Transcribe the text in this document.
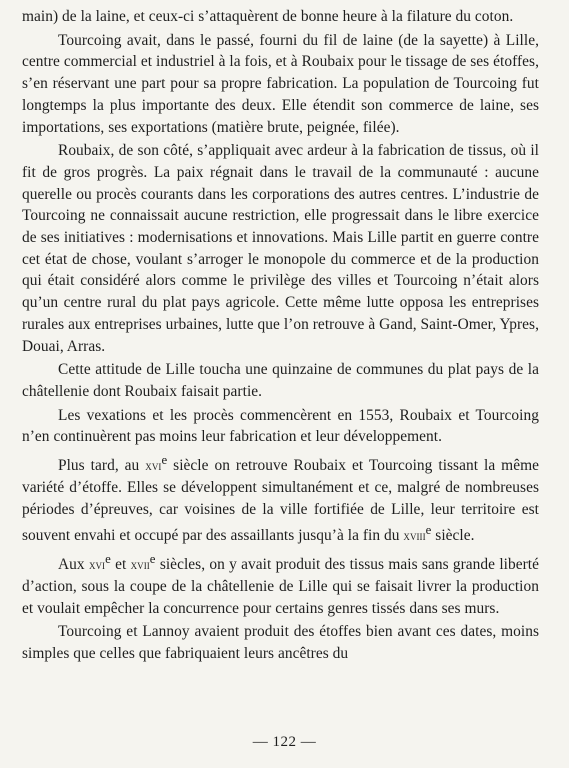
main) de la laine, et ceux-ci s’attaquèrent de bonne heure à la filature du coton.

Tourcoing avait, dans le passé, fourni du fil de laine (de la sayette) à Lille, centre commercial et industriel à la fois, et à Roubaix pour le tissage de ses étoffes, s’en réservant une part pour sa propre fabrication. La population de Tourcoing fut longtemps la plus importante des deux. Elle étendit son commerce de laine, ses importations, ses exportations (matière brute, peignée, filée).

Roubaix, de son côté, s’appliquait avec ardeur à la fabrication de tissus, où il fit de gros progrès. La paix régnait dans le travail de la communauté : aucune querelle ou procès courants dans les corporations des autres centres. L’industrie de Tourcoing ne connaissait aucune restriction, elle progressait dans le libre exercice de ses initiatives : modernisations et innovations. Mais Lille partit en guerre contre cet état de chose, voulant s’arroger le monopole du commerce et de la production qui était considéré alors comme le privilège des villes et Tourcoing n’était alors qu’un centre rural du plat pays agricole. Cette même lutte opposa les entreprises rurales aux entreprises urbaines, lutte que l’on retrouve à Gand, Saint-Omer, Ypres, Douai, Arras.

Cette attitude de Lille toucha une quinzaine de communes du plat pays de la châtellenie dont Roubaix faisait partie.

Les vexations et les procès commencèrent en 1553, Roubaix et Tourcoing n’en continuèrent pas moins leur fabrication et leur développement.

Plus tard, au xvi$^e$ siècle on retrouve Roubaix et Tourcoing tissant la même variété d’étoffe. Elles se développent simultanément et ce, malgré de nombreuses périodes d’épreuves, car voisines de la ville fortifiée de Lille, leur territoire est souvent envahi et occupé par des assaillants jusqu’à la fin du xviii$^e$ siècle.

Aux xvi$^e$ et xvii$^e$ siècles, on y avait produit des tissus mais sans grande liberté d’action, sous la coupe de la châtellenie de Lille qui se faisait livrer la production et voulait empêcher la concurrence pour certains genres tissés dans ses murs.

Tourcoing et Lannoy avaient produit des étoffes bien avant ces dates, moins simples que celles que fabriquaient leurs ancêtres du

— 122 —
